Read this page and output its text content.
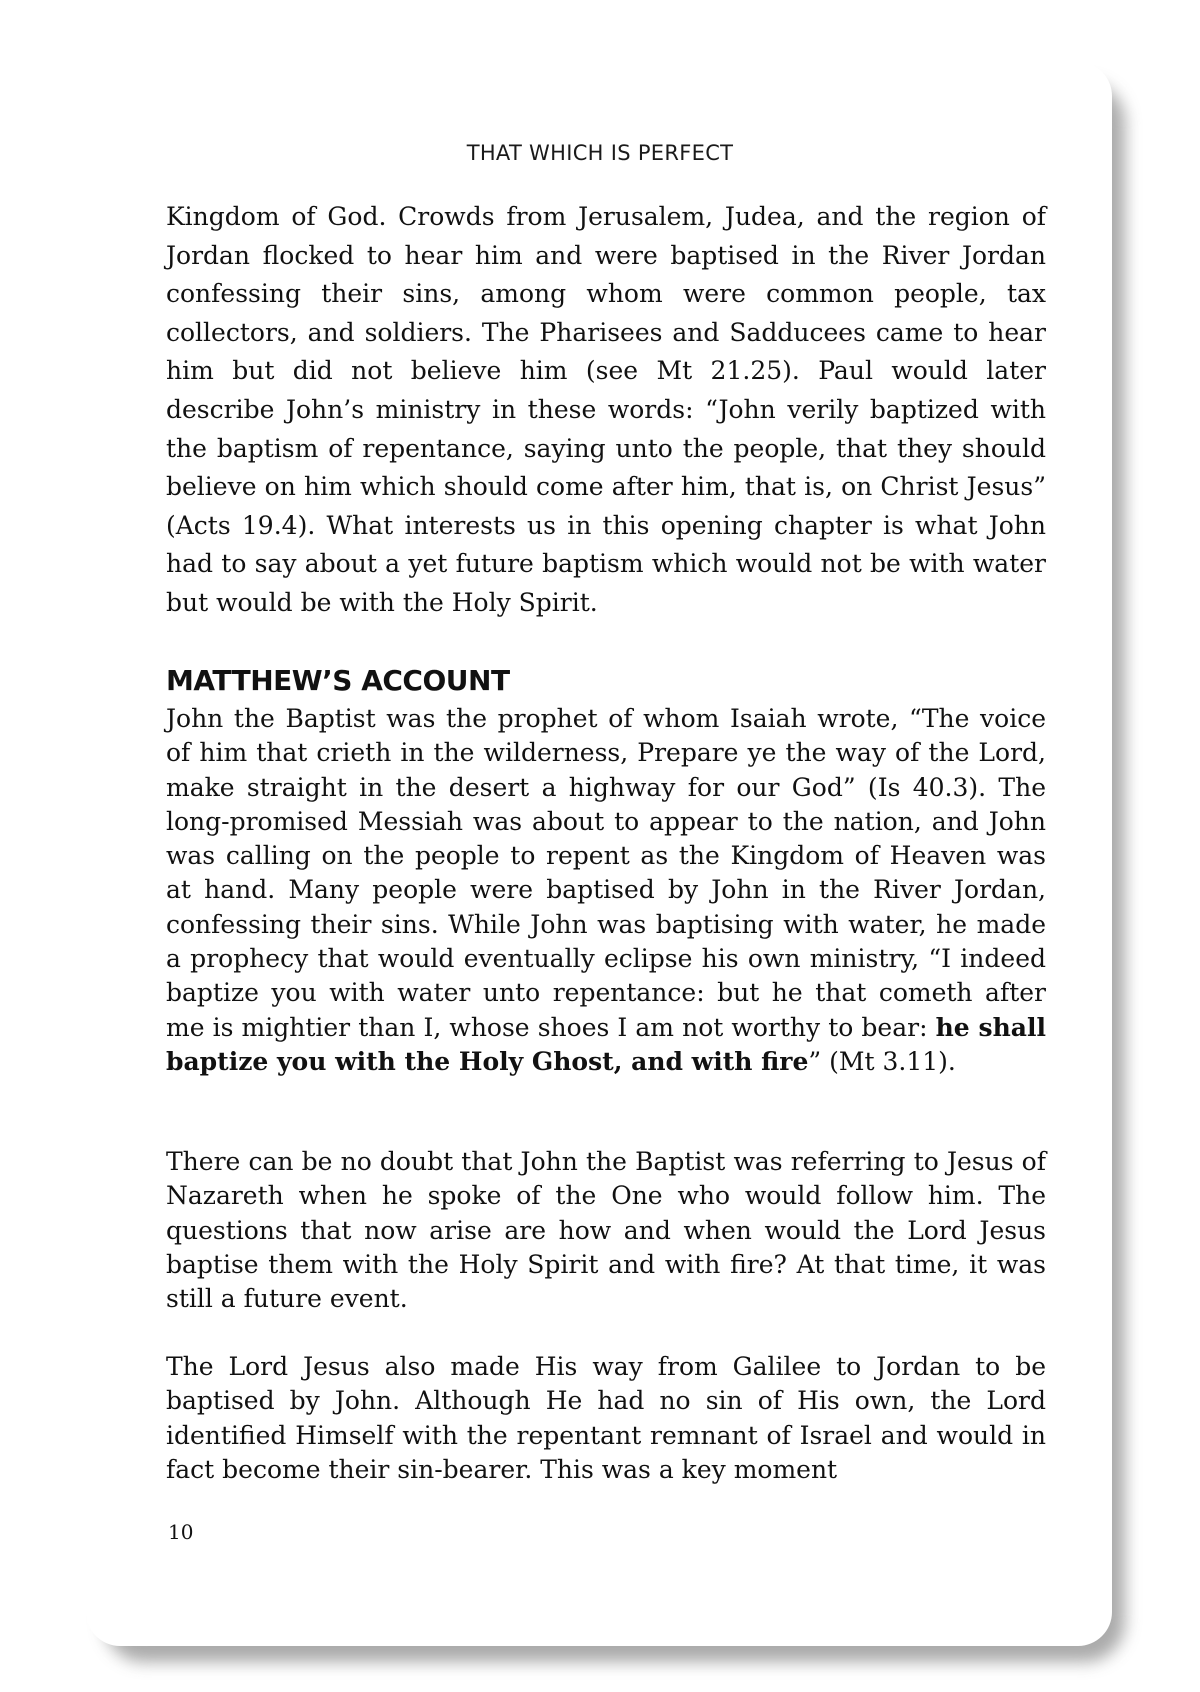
THAT WHICH IS PERFECT

Kingdom of God. Crowds from Jerusalem, Judea, and the region of Jordan flocked to hear him and were baptised in the River Jordan confessing their sins, among whom were common people, tax collectors, and soldiers. The Pharisees and Sadducees came to hear him but did not believe him (see Mt 21.25). Paul would later describe John’s ministry in these words: “John verily baptized with the baptism of repentance, saying unto the people, that they should believe on him which should come after him, that is, on Christ Jesus” (Acts 19.4). What interests us in this opening chapter is what John had to say about a yet future baptism which would not be with water but would be with the Holy Spirit.

MATTHEW’S ACCOUNT

John the Baptist was the prophet of whom Isaiah wrote, “The voice of him that crieth in the wilderness, Prepare ye the way of the Lord, make straight in the desert a highway for our God” (Is 40.3). The long-promised Messiah was about to appear to the nation, and John was calling on the people to repent as the Kingdom of Heaven was at hand. Many people were baptised by John in the River Jordan, confessing their sins. While John was baptising with water, he made a prophecy that would eventually eclipse his own ministry, “I indeed baptize you with water unto repentance: but he that cometh after me is mightier than I, whose shoes I am not worthy to bear: he shall baptize you with the Holy Ghost, and with fire” (Mt 3.11).

There can be no doubt that John the Baptist was referring to Jesus of Nazareth when he spoke of the One who would follow him. The questions that now arise are how and when would the Lord Jesus baptise them with the Holy Spirit and with fire? At that time, it was still a future event.

The Lord Jesus also made His way from Galilee to Jordan to be baptised by John. Although He had no sin of His own, the Lord identified Himself with the repentant remnant of Israel and would in fact become their sin-bearer. This was a key moment

10
